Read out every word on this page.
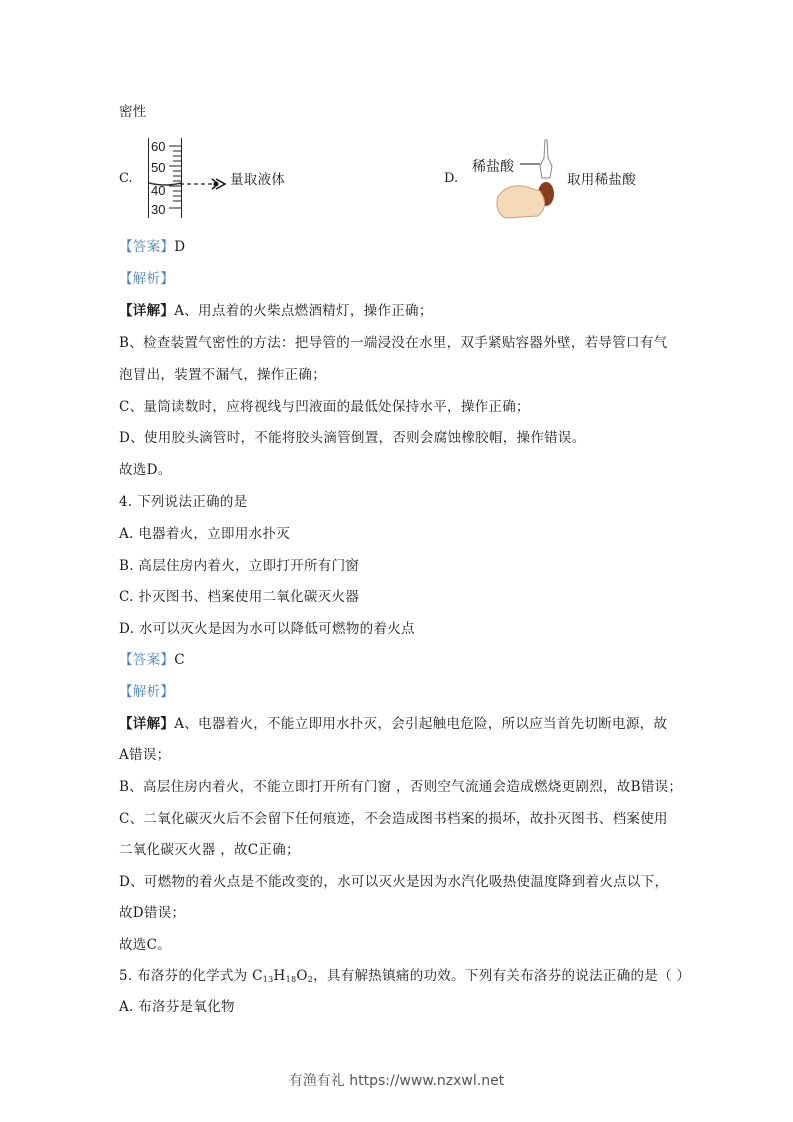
密性
C.
60
50
40
30
量取液体	D.
稀盐酸
取用稀盐酸
【答案】D
【解析】
【详解】A、用点着的火柴点燃酒精灯，操作正确；
B、检查装置气密性的方法：把导管的一端浸没在水里，双手紧贴容器外壁，若导管口有气
泡冒出，装置不漏气，操作正确；
C、量筒读数时，应将视线与凹液面的最低处保持水平，操作正确；
D、使用胶头滴管时，不能将胶头滴管倒置，否则会腐蚀橡胶帽，操作错误。
故选D。
4. 下列说法正确的是
A. 电器着火，立即用水扑灭
B. 高层住房内着火，立即打开所有门窗
C. 扑灭图书、档案使用二氧化碳灭火器
D. 水可以灭火是因为水可以降低可燃物的着火点
【答案】C
【解析】
【详解】A、电器着火，不能立即用水扑灭，会引起触电危险，所以应当首先切断电源，故
A错误；
B、高层住房内着火，不能立即打开所有门窗 ，否则空气流通会造成燃烧更剧烈，故B错误；
C、二氧化碳灭火后不会留下任何痕迹，不会造成图书档案的损坏，故扑灭图书、档案使用
二氧化碳灭火器 ，故C正确；
D、可燃物的着火点是不能改变的，水可以灭火是因为水汽化吸热使温度降到着火点以下，
故D错误；
故选C。
5. 布洛芬的化学式为 $C_{13}H_{18}O_2$，具有解热镇痛的功效。下列有关布洛芬的说法正确的是（ ）
A. 布洛芬是氧化物
有渔有礼 https://www.nzxwl.net
